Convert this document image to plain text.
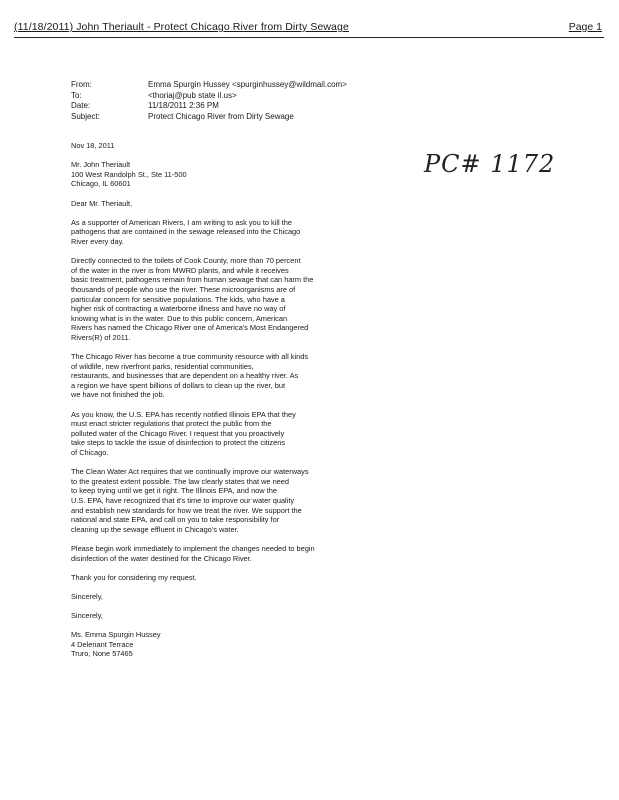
(11/18/2011) John Theriault - Protect Chicago River from Dirty Sewage	Page 1
From:	Emma Spurgin Hussey <spurginhussey@wildmail.com>
To:	<thoriaj@pub state il.us>
Date:	11/18/2011 2:36 PM
Subject:	Protect Chicago River from Dirty Sewage
PC# 1172
Nov 18, 2011
Mr. John Theriault
100 West Randolph St., Ste 11-500
Chicago, IL 60601
Dear Mr. Theriault,
As a supporter of American Rivers, I am writing to ask you to kill the
pathogens that are contained in the sewage released into the Chicago
River every day.
Directly connected to the toilets of Cook County, more than 70 percent
of the water in the river is from MWRD plants, and while it receives
basic treatment, pathogens remain from human sewage that can harm the
thousands of people who use the river. These microorganisms are of
particular concern for sensitive populations. The kids, who have a
higher risk of contracting a waterborne illness and have no way of
knowing what is in the water. Due to this public concern, American
Rivers has named the Chicago River one of America's Most Endangered
Rivers(R) of 2011.
The Chicago River has become a true community resource with all kinds
of wildlife, new riverfront parks, residential communities,
restaurants, and businesses that are dependent on a healthy river. As
a region we have spent billions of dollars to clean up the river, but
we have not finished the job.
As you know, the U.S. EPA has recently notified Illinois EPA that they
must enact stricter regulations that protect the public from the
polluted water of the Chicago River. I request that you proactively
take steps to tackle the issue of disinfection to protect the citizens
of Chicago.
The Clean Water Act requires that we continually improve our waterways
to the greatest extent possible. The law clearly states that we need
to keep trying until we get it right. The Illinois EPA, and now the
U.S. EPA, have recognized that it's time to improve our water quality
and establish new standards for how we treat the river. We support the
national and state EPA, and call on you to take responsibility for
cleaning up the sewage effluent in Chicago's water.
Please begin work immediately to implement the changes needed to begin
disinfection of the water destined for the Chicago River.
Thank you for considering my request.
Sincerely,
Sincerely,
Ms. Emma Spurgin Hussey
4 Delenant Terrace
Truro, None 57465
